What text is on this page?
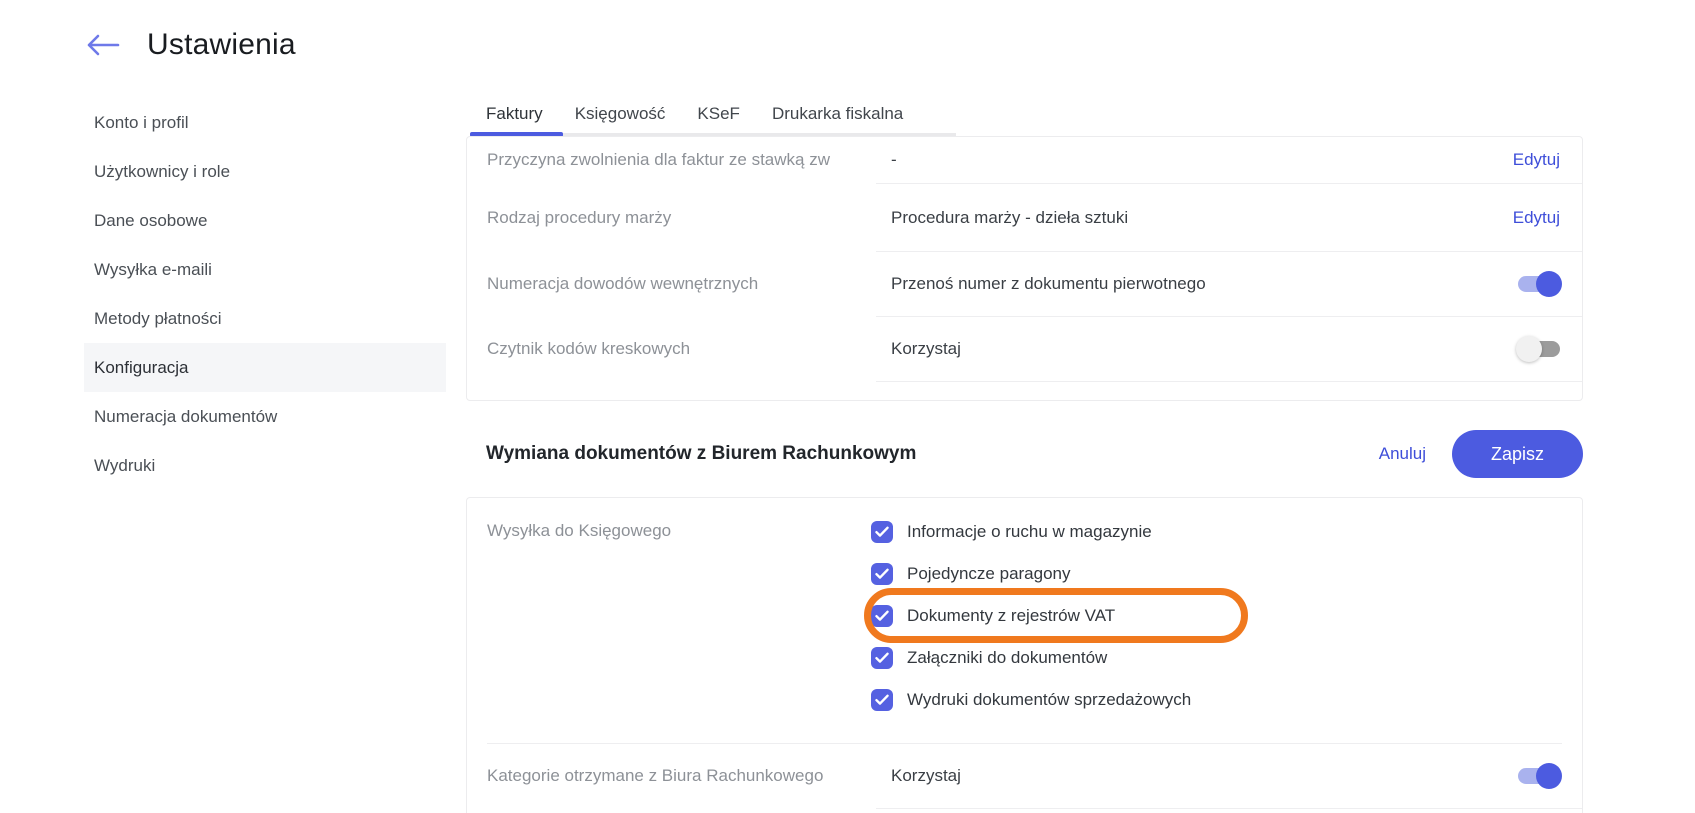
Ustawienia
Konto i profil
Użytkownicy i role
Dane osobowe
Wysyłka e-maili
Metody płatności
Konfiguracja
Numeracja dokumentów
Wydruki
Faktury	Księgowość	KSeF	Drukarka fiskalna
Przyczyna zwolnienia dla faktur ze stawką zw	-	Edytuj
Rodzaj procedury marży	Procedura marży - dzieła sztuki	Edytuj
Numeracja dowodów wewnętrznych	Przenoś numer z dokumentu pierwotnego
Czytnik kodów kreskowych	Korzystaj
Wymiana dokumentów z Biurem Rachunkowym	Anuluj	Zapisz
Wysyłka do Księgowego	Informacje o ruchu w magazynie
Pojedyncze paragony
Dokumenty z rejestrów VAT
Załączniki do dokumentów
Wydruki dokumentów sprzedażowych
Kategorie otrzymane z Biura Rachunkowego	Korzystaj
